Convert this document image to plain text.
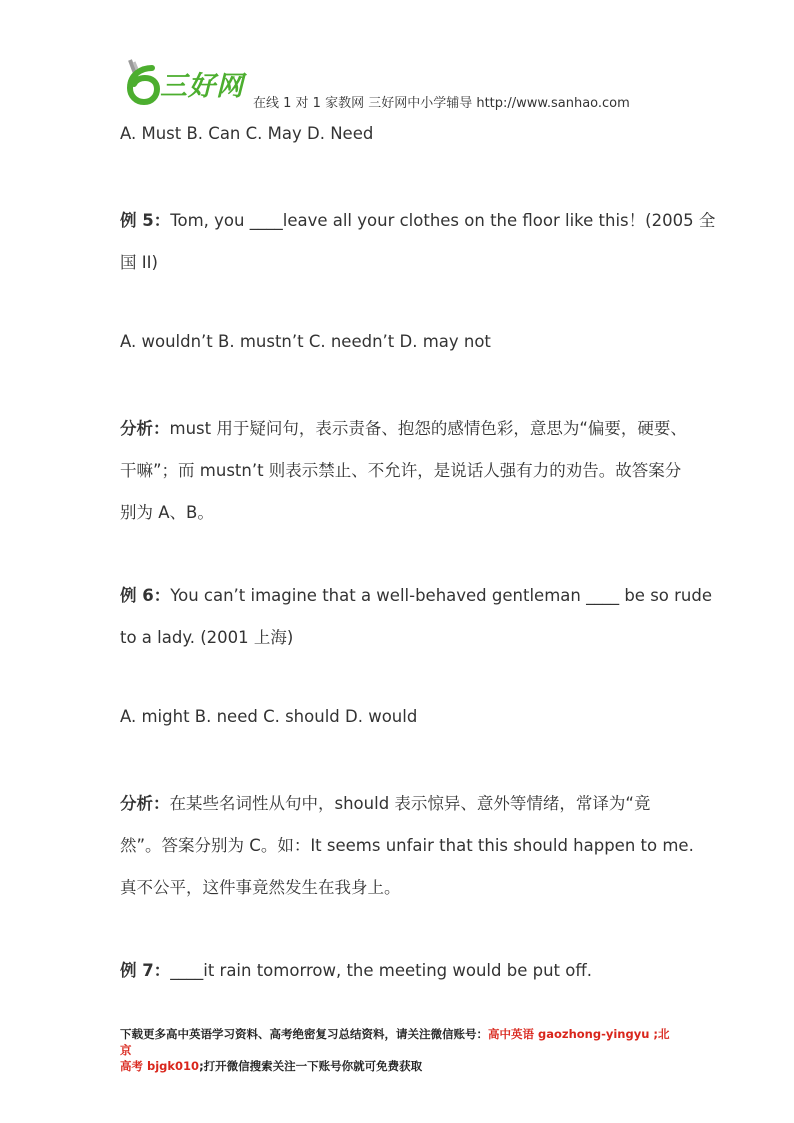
三好网
在线 1 对 1 家教网 三好网中小学辅导 http://www.sanhao.com
A. Must B. Can C. May D. Need
例 5：Tom, you ____leave all your clothes on the floor like this！(2005 全
国 II)
A. wouldn’t B. mustn’t C. needn’t D. may not
分析：must 用于疑问句，表示责备、抱怨的感情色彩，意思为“偏要，硬要、
干嘛”；而 mustn’t 则表示禁止、不允许，是说话人强有力的劝告。故答案分
别为 A、B。
例 6：You can’t imagine that a well-behaved gentleman ____ be so rude
to a lady. (2001 上海)
A. might B. need C. should D. would
分析：在某些名词性从句中，should 表示惊异、意外等情绪，常译为“竟
然”。答案分别为 C。如：It seems unfair that this should happen to me.
真不公平，这件事竟然发生在我身上。
例 7：____it rain tomorrow, the meeting would be put off.
下载更多高中英语学习资料、高考绝密复习总结资料，请关注微信账号：高中英语 gaozhong-yingyu ;北京
高考 bjgk010;打开微信搜索关注一下账号你就可免费获取
